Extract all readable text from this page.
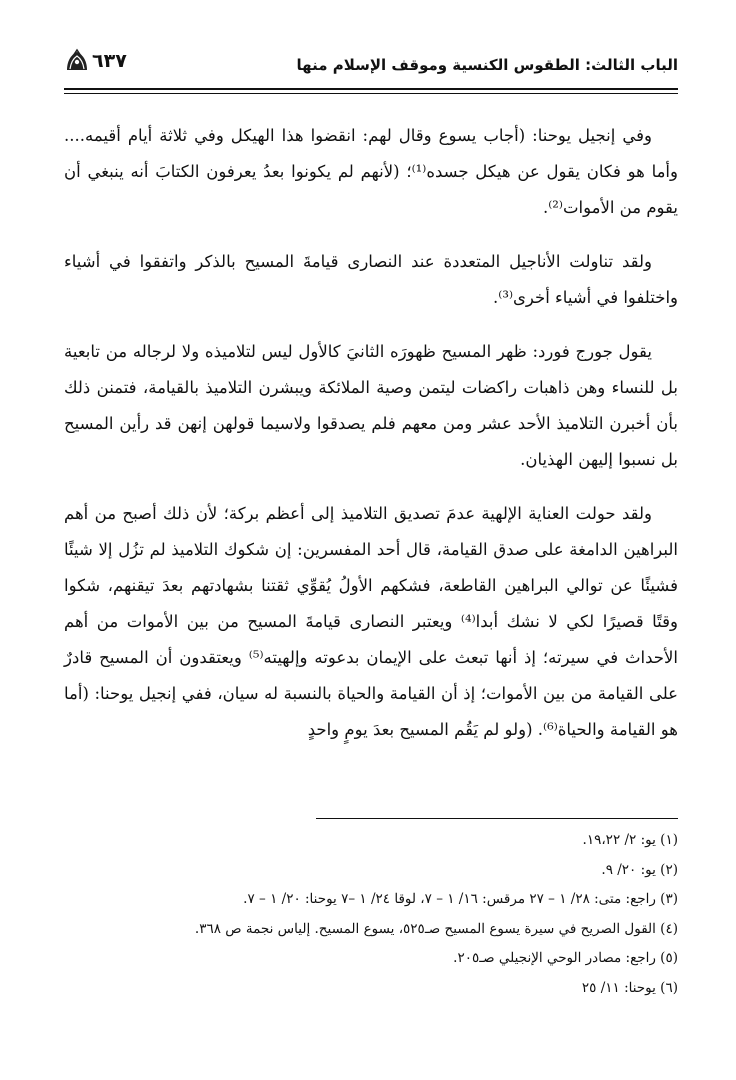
الباب الثالث: الطقوس الكنسية وموقف الإسلام منها
٦٣٧

وفي إنجيل يوحنا: (أجاب يسوع وقال لهم: انقضوا هذا الهيكل وفي ثلاثة أيام أقيمه.... وأما هو فكان يقول عن هيكل جسده⁽¹⁾؛ (لأنهم لم يكونوا بعدُ يعرفون الكتابَ أنه ينبغي أن يقوم من الأموات⁽²⁾.

ولقد تناولت الأناجيل المتعددة عند النصارى قيامةَ المسيح بالذكر واتفقوا في أشياء واختلفوا في أشياء أخرى⁽³⁾.

يقول جورج فورد: ظهر المسيح ظهورَه الثانيَ كالأول ليس لتلاميذه ولا لرجاله من تابعية بل للنساء وهن ذاهبات راكضات ليتمن وصية الملائكة ويبشرن التلاميذ بالقيامة، فتمنن ذلك بأن أخبرن التلاميذ الأحد عشر ومن معهم فلم يصدقوا ولاسيما قولهن إنهن قد رأين المسيح بل نسبوا إليهن الهذيان.

ولقد حولت العناية الإلهية عدمَ تصديق التلاميذ إلى أعظم بركة؛ لأن ذلك أصبح من أهم البراهين الدامغة على صدق القيامة، قال أحد المفسرين: إن شكوك التلاميذ لم تزُل إلا شيئًا فشيئًا عن توالي البراهين القاطعة، فشكهم الأولُ يُقوِّي ثقتنا بشهادتهم بعدَ تيقنهم، شكوا وقتًا قصيرًا لكي لا نشك أبدا⁽⁴⁾ ويعتبر النصارى قيامةَ المسيح من بين الأموات من أهم الأحداث في سيرته؛ إذ أنها تبعث على الإيمان بدعوته وإلهيته⁽⁵⁾ ويعتقدون أن المسيح قادرٌ على القيامة من بين الأموات؛ إذ أن القيامة والحياة بالنسبة له سيان، ففي إنجيل يوحنا: (أما هو القيامة والحياة⁽⁶⁾. (ولو لم يَقُم المسيح بعدَ يومٍ واحدٍ

(١) يو: ٢/ ١٩،٢٢.

(٢) يو: ٢٠/ ٩.

(٣) راجع: متى: ٢٨/ ١ – ٢٧ مرقس: ١٦/ ١ – ٧، لوقا ٢٤/ ١ –٧ يوحنا: ٢٠/ ١ – ٧.

(٤) القول الصريح في سيرة يسوع المسيح صـ٥٢٥، يسوع المسيح. إلياس نجمة ص ٣٦٨.

(٥) راجع: مصادر الوحي الإنجيلي صـ٢٠٥.

(٦) يوحنا: ١١/ ٢٥
